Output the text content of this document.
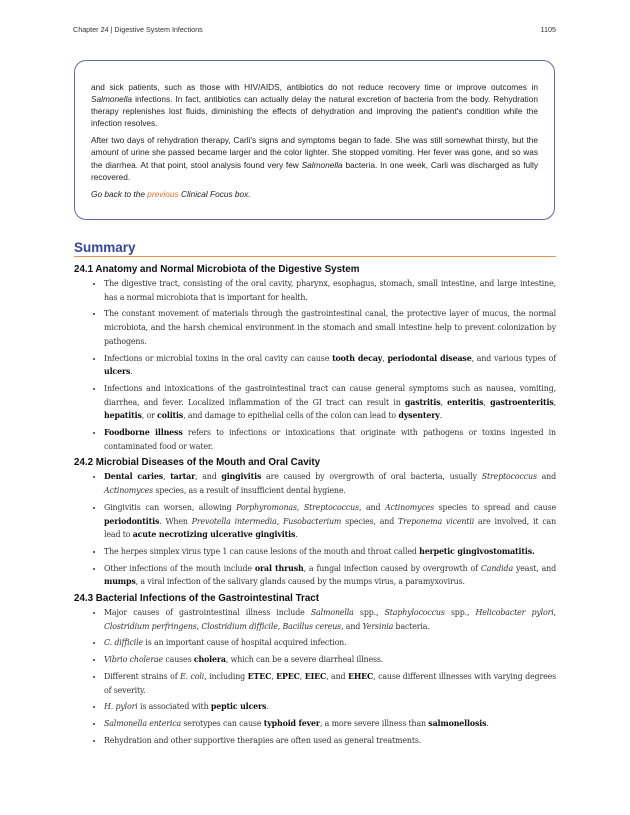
Chapter 24 | Digestive System Infections	1105

and sick patients, such as those with HIV/AIDS, antibiotics do not reduce recovery time or improve outcomes in Salmonella infections. In fact, antibiotics can actually delay the natural excretion of bacteria from the body. Rehydration therapy replenishes lost fluids, diminishing the effects of dehydration and improving the patient's condition while the infection resolves.

After two days of rehydration therapy, Carli's signs and symptoms began to fade. She was still somewhat thirsty, but the amount of urine she passed became larger and the color lighter. She stopped vomiting. Her fever was gone, and so was the diarrhea. At that point, stool analysis found very few Salmonella bacteria. In one week, Carli was discharged as fully recovered.

Go back to the previous Clinical Focus box.

Summary
24.1 Anatomy and Normal Microbiota of the Digestive System
• The digestive tract, consisting of the oral cavity, pharynx, esophagus, stomach, small intestine, and large intestine, has a normal microbiota that is important for health.
• The constant movement of materials through the gastrointestinal canal, the protective layer of mucus, the normal microbiota, and the harsh chemical environment in the stomach and small intestine help to prevent colonization by pathogens.
• Infections or microbial toxins in the oral cavity can cause tooth decay, periodontal disease, and various types of ulcers.
• Infections and intoxications of the gastrointestinal tract can cause general symptoms such as nausea, vomiting, diarrhea, and fever. Localized inflammation of the GI tract can result in gastritis, enteritis, gastroenteritis, hepatitis, or colitis, and damage to epithelial cells of the colon can lead to dysentery.
• Foodborne illness refers to infections or intoxications that originate with pathogens or toxins ingested in contaminated food or water.
24.2 Microbial Diseases of the Mouth and Oral Cavity
• Dental caries, tartar, and gingivitis are caused by overgrowth of oral bacteria, usually Streptococcus and Actinomyces species, as a result of insufficient dental hygiene.
• Gingivitis can worsen, allowing Porphyromonas, Streptococcus, and Actinomyces species to spread and cause periodontitis. When Prevotella intermedia, Fusobacterium species, and Treponema vicentii are involved, it can lead to acute necrotizing ulcerative gingivitis.
• The herpes simplex virus type 1 can cause lesions of the mouth and throat called herpetic gingivostomatitis.
• Other infections of the mouth include oral thrush, a fungal infection caused by overgrowth of Candida yeast, and mumps, a viral infection of the salivary glands caused by the mumps virus, a paramyxovirus.
24.3 Bacterial Infections of the Gastrointestinal Tract
• Major causes of gastrointestinal illness include Salmonella spp., Staphylococcus spp., Helicobacter pylori, Clostridium perfringens, Clostridium difficile, Bacillus cereus, and Yersinia bacteria.
• C. difficile is an important cause of hospital acquired infection.
• Vibrio cholerae causes cholera, which can be a severe diarrheal illness.
• Different strains of E. coli, including ETEC, EPEC, EIEC, and EHEC, cause different illnesses with varying degrees of severity.
• H. pylori is associated with peptic ulcers.
• Salmonella enterica serotypes can cause typhoid fever, a more severe illness than salmonellosis.
• Rehydration and other supportive therapies are often used as general treatments.
